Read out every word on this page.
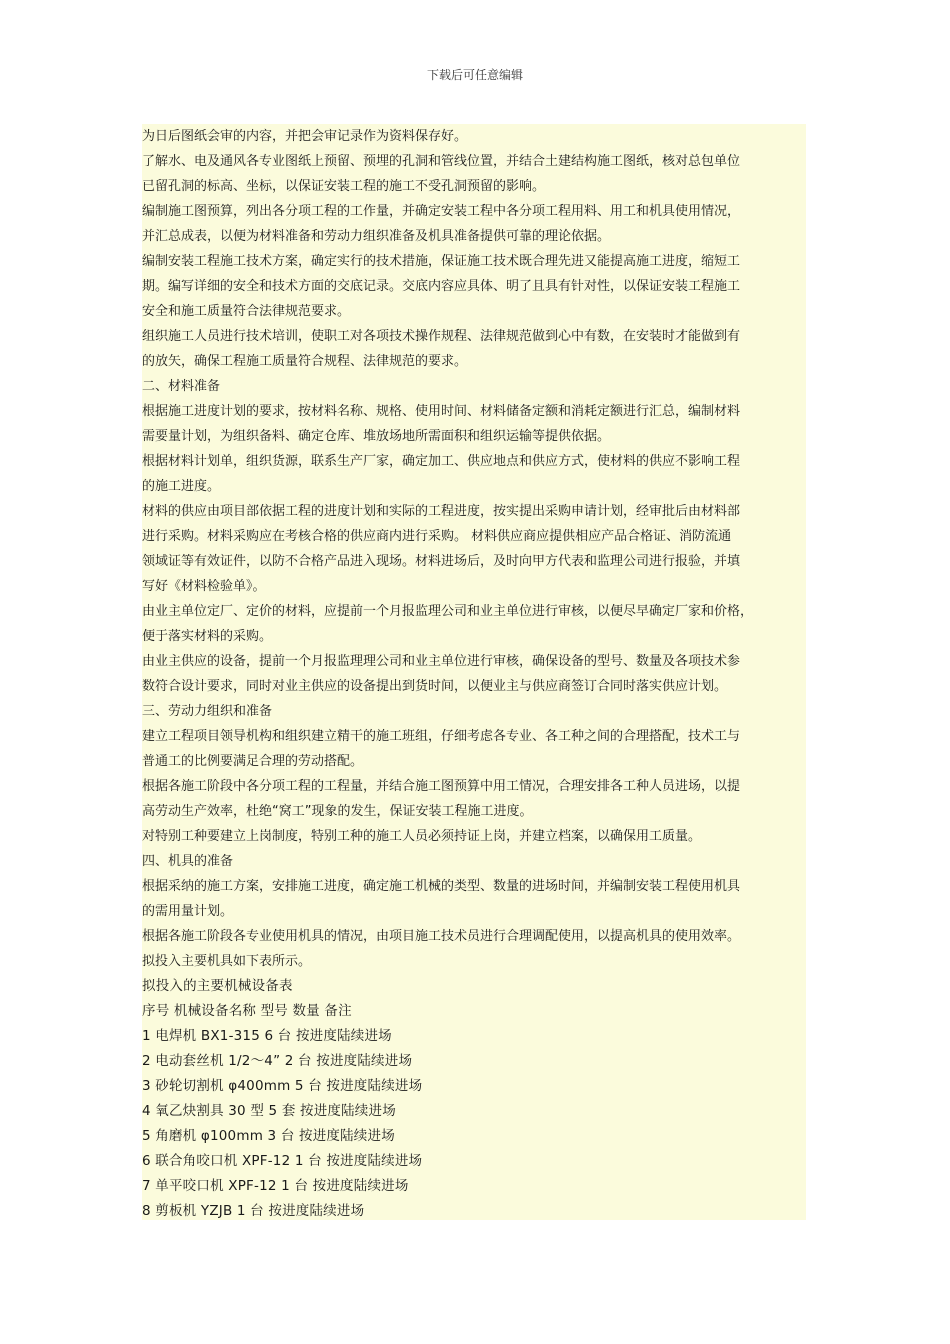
下载后可任意编辑
为日后图纸会审的内容，并把会审记录作为资料保存好。
了解水、电及通风各专业图纸上预留、预埋的孔洞和管线位置，并结合土建结构施工图纸，核对总包单位
已留孔洞的标高、坐标，以保证安装工程的施工不受孔洞预留的影响。
编制施工图预算，列出各分项工程的工作量，并确定安装工程中各分项工程用料、用工和机具使用情况，
并汇总成表，以便为材料准备和劳动力组织准备及机具准备提供可靠的理论依据。
编制安装工程施工技术方案，确定实行的技术措施，保证施工技术既合理先进又能提高施工进度，缩短工
期。编写详细的安全和技术方面的交底记录。交底内容应具体、明了且具有针对性，以保证安装工程施工
安全和施工质量符合法律规范要求。
组织施工人员进行技术培训，使职工对各项技术操作规程、法律规范做到心中有数，在安装时才能做到有
的放矢，确保工程施工质量符合规程、法律规范的要求。
二、材料准备
根据施工进度计划的要求，按材料名称、规格、使用时间、材料储备定额和消耗定额进行汇总，编制材料
需要量计划，为组织备料、确定仓库、堆放场地所需面积和组织运输等提供依据。
根据材料计划单，组织货源，联系生产厂家，确定加工、供应地点和供应方式，使材料的供应不影响工程
的施工进度。
材料的供应由项目部依据工程的进度计划和实际的工程进度，按实提出采购申请计划，经审批后由材料部
进行采购。材料采购应在考核合格的供应商内进行采购。 材料供应商应提供相应产品合格证、消防流通
领域证等有效证件，以防不合格产品进入现场。材料进场后，及时向甲方代表和监理公司进行报验，并填
写好《材料检验单》。
由业主单位定厂、定价的材料，应提前一个月报监理公司和业主单位进行审核，以便尽早确定厂家和价格，
便于落实材料的采购。
由业主供应的设备，提前一个月报监理理公司和业主单位进行审核，确保设备的型号、数量及各项技术参
数符合设计要求，同时对业主供应的设备提出到货时间，以便业主与供应商签订合同时落实供应计划。
三、劳动力组织和准备
建立工程项目领导机构和组织建立精干的施工班组，仔细考虑各专业、各工种之间的合理搭配，技术工与
普通工的比例要满足合理的劳动搭配。
根据各施工阶段中各分项工程的工程量，并结合施工图预算中用工情况，合理安排各工种人员进场，以提
高劳动生产效率，杜绝“窝工”现象的发生，保证安装工程施工进度。
对特别工种要建立上岗制度，特别工种的施工人员必须持证上岗，并建立档案，以确保用工质量。
四、机具的准备
根据采纳的施工方案，安排施工进度，确定施工机械的类型、数量的进场时间，并编制安装工程使用机具
的需用量计划。
根据各施工阶段各专业使用机具的情况，由项目施工技术员进行合理调配使用，以提高机具的使用效率。
拟投入主要机具如下表所示。
拟投入的主要机械设备表
序号 机械设备名称 型号 数量 备注
1 电焊机 BX1-315 6 台 按进度陆续进场
2 电动套丝机 1/2～4” 2 台 按进度陆续进场
3 砂轮切割机 φ400mm 5 台 按进度陆续进场
4 氧乙炔割具 30 型 5 套 按进度陆续进场
5 角磨机 φ100mm 3 台 按进度陆续进场
6 联合角咬口机 XPF-12 1 台 按进度陆续进场
7 单平咬口机 XPF-12 1 台 按进度陆续进场
8 剪板机 YZJB 1 台 按进度陆续进场
